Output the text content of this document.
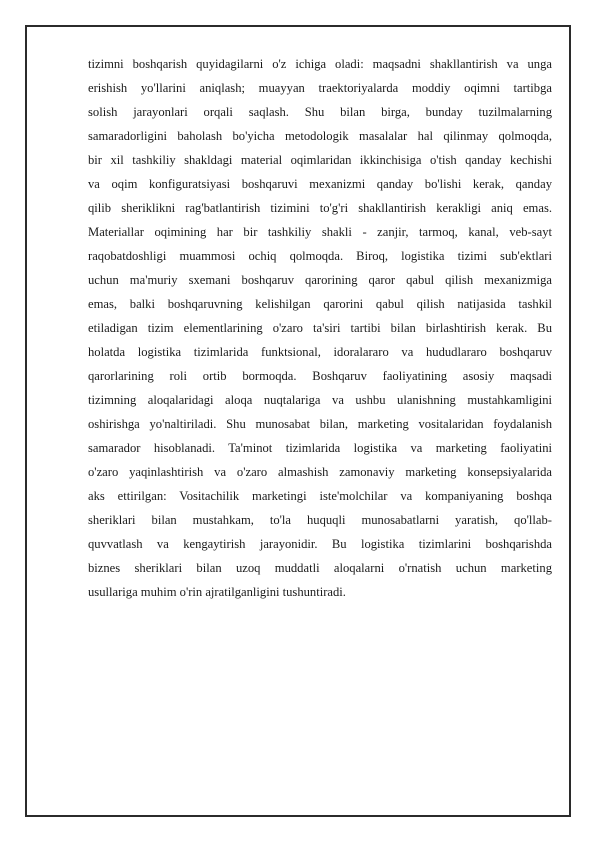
tizimni boshqarish quyidagilarni o'z ichiga oladi: maqsadni shakllantirish va unga
erishish yo'llarini aniqlash; muayyan traektoriyalarda moddiy oqimni tartibga
solish jarayonlari orqali saqlash. Shu bilan birga, bunday tuzilmalarning
samaradorligini baholash bo'yicha metodologik masalalar hal qilinmay qolmoqda,
bir xil tashkiliy shakldagi material oqimlaridan ikkinchisiga o'tish qanday kechishi
va oqim konfiguratsiyasi boshqaruvi mexanizmi qanday bo'lishi kerak, qanday
qilib sheriklikni rag'batlantirish tizimini to'g'ri shakllantirish kerakligi aniq emas.
Materiallar oqimining har bir tashkiliy shakli - zanjir, tarmoq, kanal, veb-sayt
raqobatdoshligi muammosi ochiq qolmoqda. Biroq, logistika tizimi sub'ektlari
uchun ma'muriy sxemani boshqaruv qarorining qaror qabul qilish mexanizmiga
emas, balki boshqaruvning kelishilgan qarorini qabul qilish natijasida tashkil
etiladigan tizim elementlarining o'zaro ta'siri tartibi bilan birlashtirish kerak. Bu
holatda logistika tizimlarida funktsional, idoralararo va hududlararo boshqaruv
qarorlarining roli ortib bormoqda. Boshqaruv faoliyatining asosiy maqsadi
tizimning aloqalaridagi aloqa nuqtalariga va ushbu ulanishning mustahkamligini
oshirishga yo'naltiriladi. Shu munosabat bilan, marketing vositalaridan foydalanish
samarador hisoblanadi. Ta'minot tizimlarida logistika va marketing faoliyatini
o'zaro yaqinlashtirish va o'zaro almashish zamonaviy marketing konsepsiyalarida
aks ettirilgan: Vositachilik marketingi iste'molchilar va kompaniyaning boshqa
sheriklari bilan mustahkam, to'la huquqli munosabatlarni yaratish, qo'llab-
quvvatlash va kengaytirish jarayonidir. Bu logistika tizimlarini boshqarishda
biznes sheriklari bilan uzoq muddatli aloqalarni o'rnatish uchun marketing
usullariga muhim o'rin ajratilganligini tushuntiradi.
